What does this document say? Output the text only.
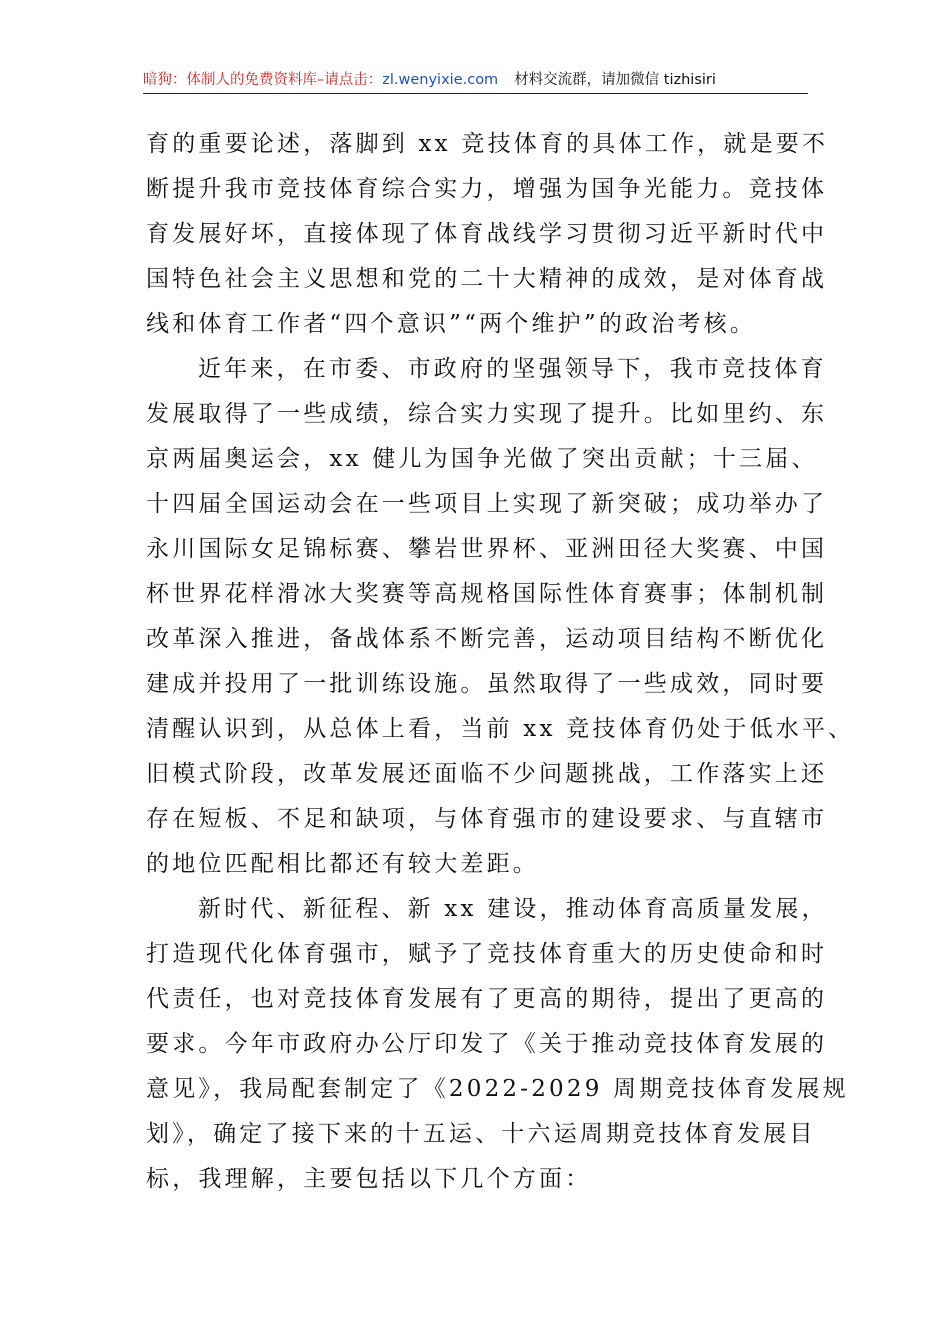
暗狗：体制人的免费资料库–请点击：zl.wenyixie.com 材料交流群，请加微信 tizhisiri
育的重要论述，落脚到 xx 竞技体育的具体工作，就是要不
断提升我市竞技体育综合实力，增强为国争光能力。竞技体
育发展好坏，直接体现了体育战线学习贯彻习近平新时代中
国特色社会主义思想和党的二十大精神的成效，是对体育战
线和体育工作者“四个意识”“两个维护”的政治考核。
近年来，在市委、市政府的坚强领导下，我市竞技体育
发展取得了一些成绩，综合实力实现了提升。比如里约、东
京两届奥运会，xx 健儿为国争光做了突出贡献；十三届、
十四届全国运动会在一些项目上实现了新突破；成功举办了
永川国际女足锦标赛、攀岩世界杯、亚洲田径大奖赛、中国
杯世界花样滑冰大奖赛等高规格国际性体育赛事；体制机制
改革深入推进，备战体系不断完善，运动项目结构不断优化
建成并投用了一批训练设施。虽然取得了一些成效，同时要
清醒认识到，从总体上看，当前 xx 竞技体育仍处于低水平、
旧模式阶段，改革发展还面临不少问题挑战，工作落实上还
存在短板、不足和缺项，与体育强市的建设要求、与直辖市
的地位匹配相比都还有较大差距。
新时代、新征程、新 xx 建设，推动体育高质量发展，
打造现代化体育强市，赋予了竞技体育重大的历史使命和时
代责任，也对竞技体育发展有了更高的期待，提出了更高的
要求。今年市政府办公厅印发了《关于推动竞技体育发展的
意见》，我局配套制定了《2022-2029 周期竞技体育发展规
划》，确定了接下来的十五运、十六运周期竞技体育发展目
标，我理解，主要包括以下几个方面：
